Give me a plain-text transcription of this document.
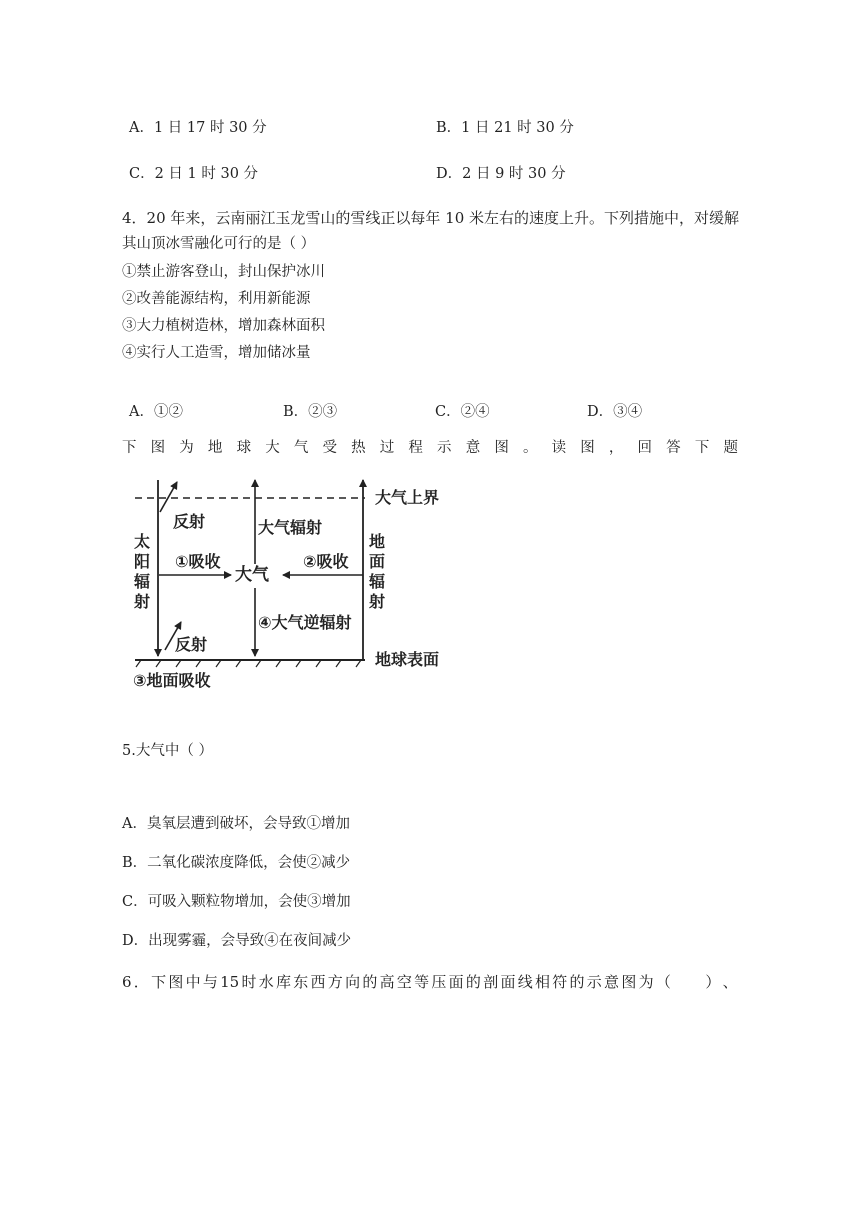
A．1 日 17 时 30 分	B．1 日 21 时 30 分
C．2 日 1 时 30 分	D．2 日 9 时 30 分
4．20 年来，云南丽江玉龙雪山的雪线正以每年 10 米左右的速度上升。下列措施中，对缓解
其山顶冰雪融化可行的是（ ）
①禁止游客登山，封山保护冰川
②改善能源结构，利用新能源
③大力植树造林，增加森林面积
④实行人工造雪，增加储冰量
A．①②	B．②③	C．②④	D．③④
下 图 为 地 球 大 气 受 热 过 程 示 意 图 。 读 图 ， 回 答 下 题
大气上界
地球表面
太
阳
辐
射
反射
反射
大气辐射
①吸收	②吸收
大气
④大气逆辐射
地
面
辐
射
③地面吸收
5.大气中（ ）
A．臭氧层遭到破坏，会导致①增加
B．二氧化碳浓度降低，会使②减少
C．可吸入颗粒物增加，会使③增加
D．出现雾霾，会导致④在夜间减少
6 ． 下 图 中 与 15 时 水 库 东 西 方 向 的 高 空 等 压 面 的 剖 面 线 相 符 的 示 意 图 为 （
　　 ） 、
